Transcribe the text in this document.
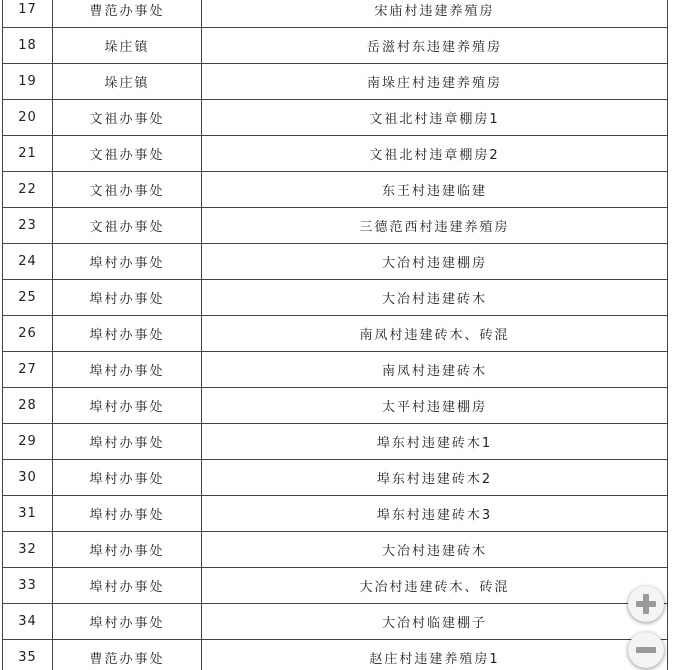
17	曹范办事处	宋庙村违建养殖房
18	垛庄镇	岳滋村东违建养殖房
19	垛庄镇	南垛庄村违建养殖房
20	文祖办事处	文祖北村违章棚房1
21	文祖办事处	文祖北村违章棚房2
22	文祖办事处	东王村违建临建
23	文祖办事处	三德范西村违建养殖房
24	埠村办事处	大冶村违建棚房
25	埠村办事处	大冶村违建砖木
26	埠村办事处	南凤村违建砖木、砖混
27	埠村办事处	南凤村违建砖木
28	埠村办事处	太平村违建棚房
29	埠村办事处	埠东村违建砖木1
30	埠村办事处	埠东村违建砖木2
31	埠村办事处	埠东村违建砖木3
32	埠村办事处	大冶村违建砖木
33	埠村办事处	大冶村违建砖木、砖混
34	埠村办事处	大冶村临建棚子
35	曹范办事处	赵庄村违建养殖房1
